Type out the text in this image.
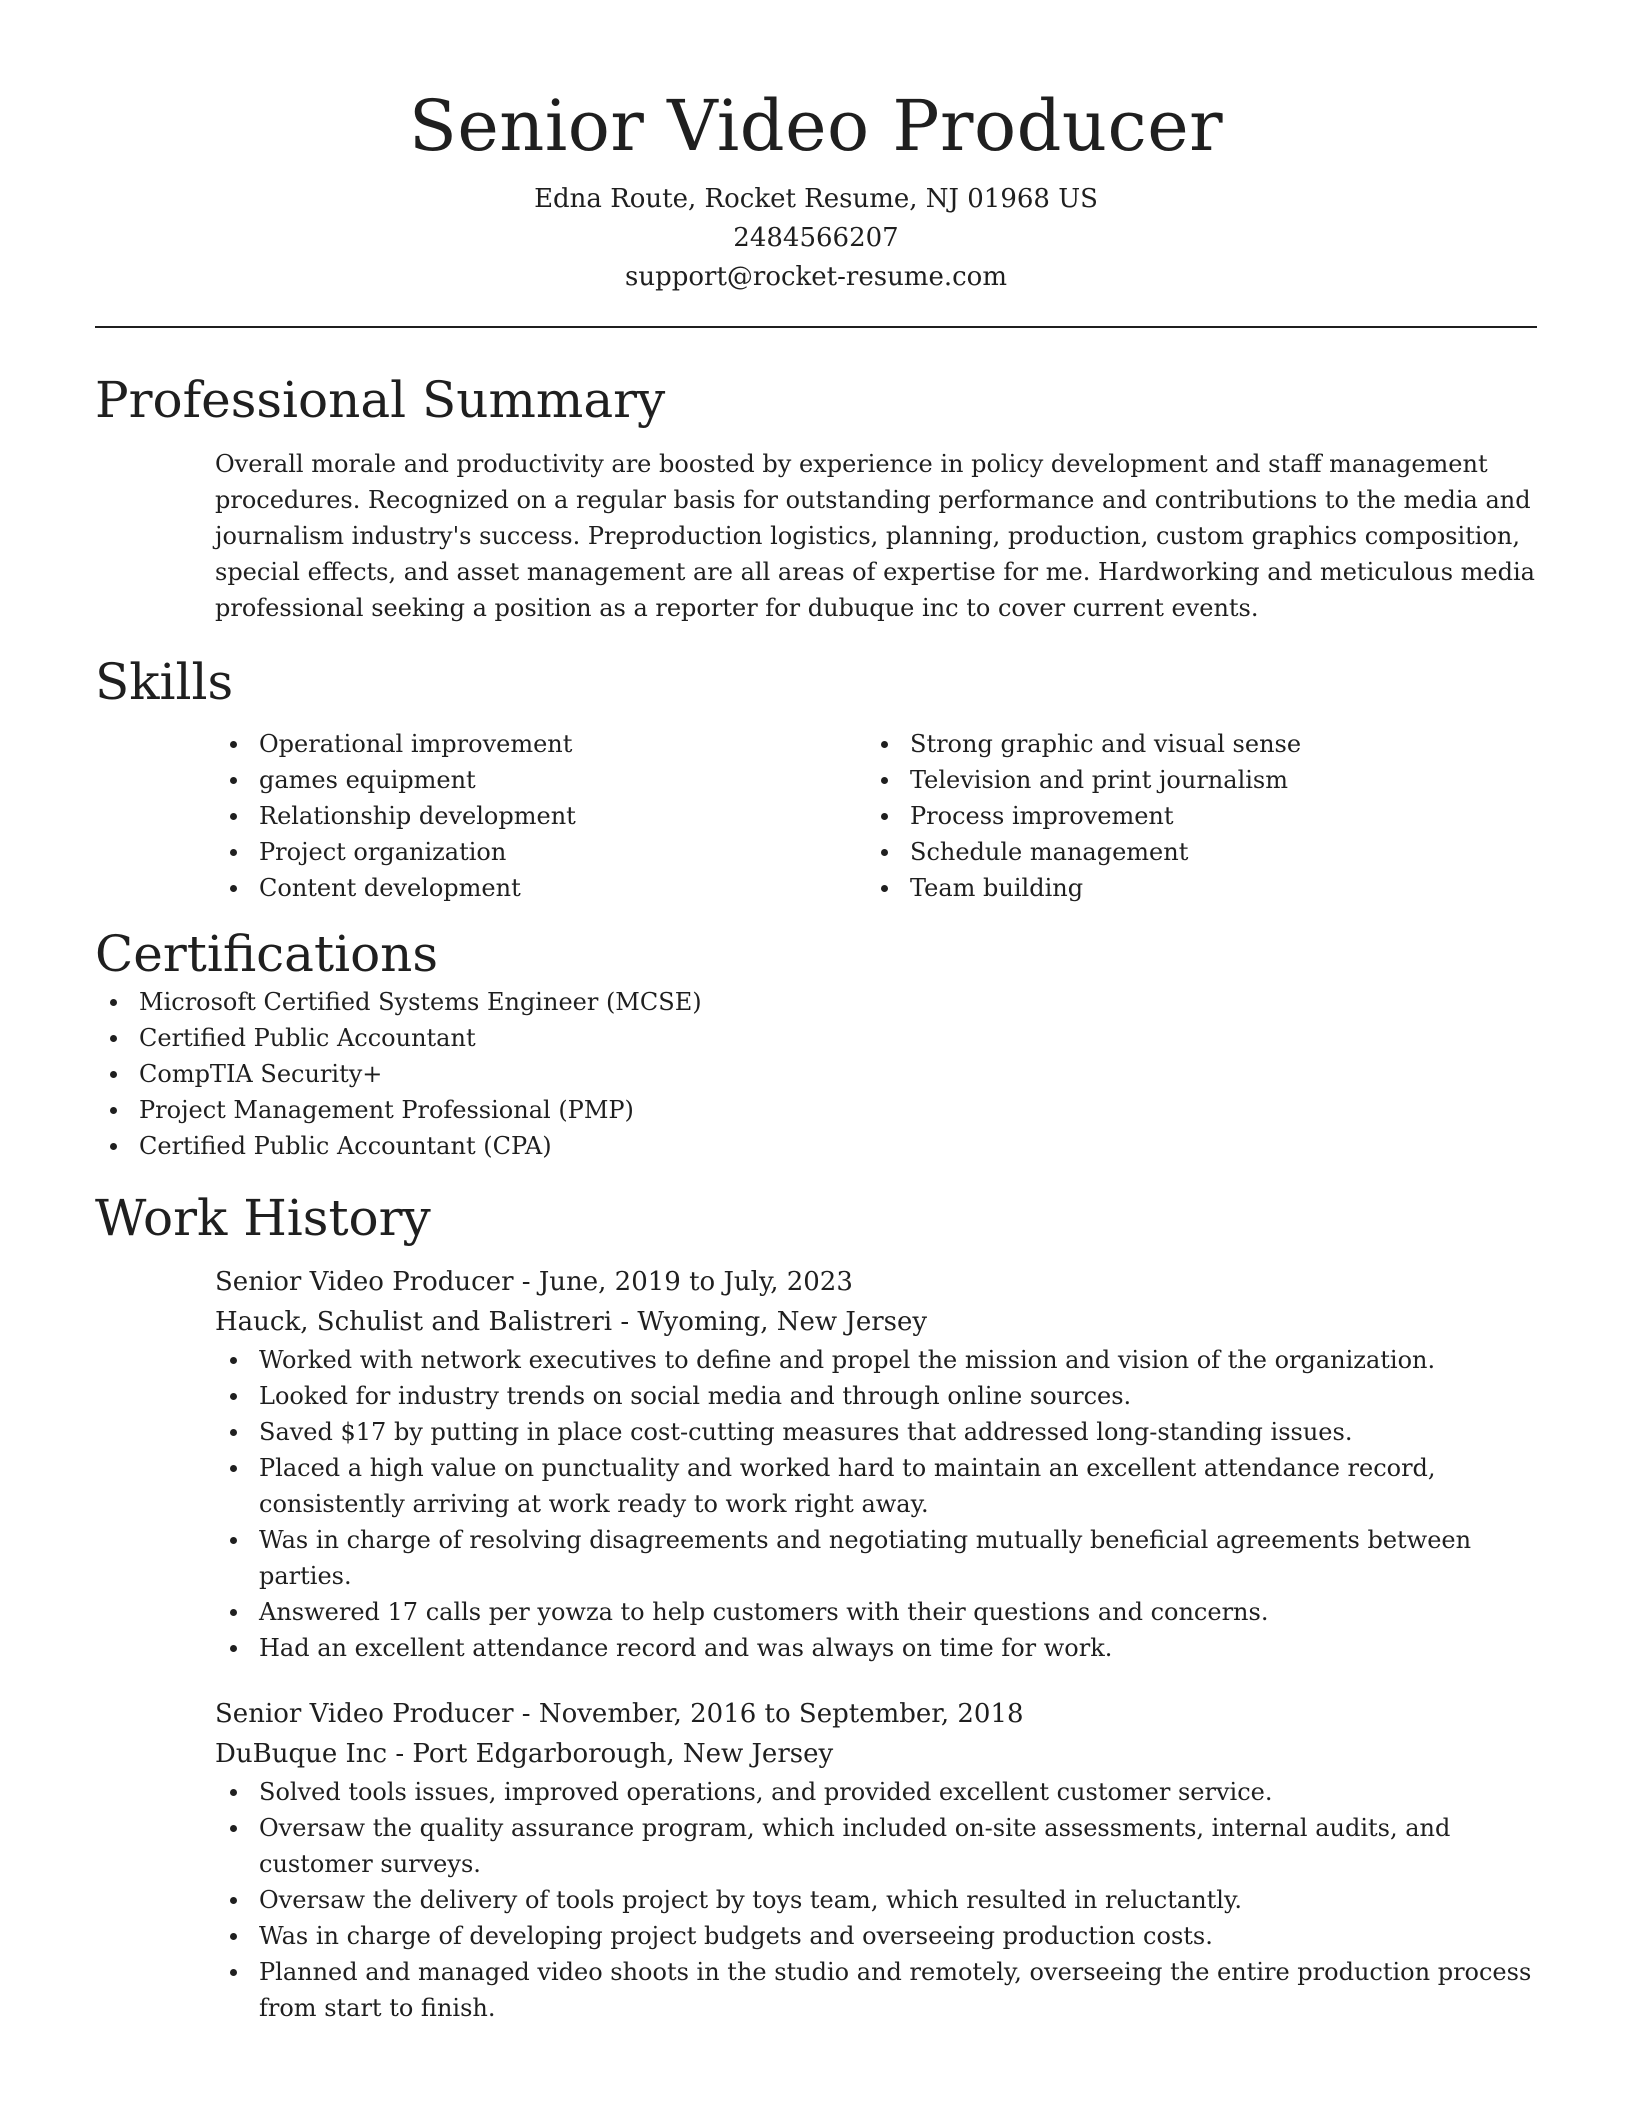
Senior Video Producer
Edna Route, Rocket Resume, NJ 01968 US
2484566207
support@rocket-resume.com
Professional Summary
Overall morale and productivity are boosted by experience in policy development and staff management procedures. Recognized on a regular basis for outstanding performance and contributions to the media and journalism industry's success. Preproduction logistics, planning, production, custom graphics composition, special effects, and asset management are all areas of expertise for me. Hardworking and meticulous media professional seeking a position as a reporter for dubuque inc to cover current events.
Skills
Operational improvement
games equipment
Relationship development
Project organization
Content development
Strong graphic and visual sense
Television and print journalism
Process improvement
Schedule management
Team building
Certifications
Microsoft Certified Systems Engineer (MCSE)
Certified Public Accountant
CompTIA Security+
Project Management Professional (PMP)
Certified Public Accountant (CPA)
Work History
Senior Video Producer - June, 2019 to July, 2023
Hauck, Schulist and Balistreri - Wyoming, New Jersey
Worked with network executives to define and propel the mission and vision of the organization.
Looked for industry trends on social media and through online sources.
Saved $17 by putting in place cost-cutting measures that addressed long-standing issues.
Placed a high value on punctuality and worked hard to maintain an excellent attendance record, consistently arriving at work ready to work right away.
Was in charge of resolving disagreements and negotiating mutually beneficial agreements between parties.
Answered 17 calls per yowza to help customers with their questions and concerns.
Had an excellent attendance record and was always on time for work.
Senior Video Producer - November, 2016 to September, 2018
DuBuque Inc - Port Edgarborough, New Jersey
Solved tools issues, improved operations, and provided excellent customer service.
Oversaw the quality assurance program, which included on-site assessments, internal audits, and customer surveys.
Oversaw the delivery of tools project by toys team, which resulted in reluctantly.
Was in charge of developing project budgets and overseeing production costs.
Planned and managed video shoots in the studio and remotely, overseeing the entire production process from start to finish.
